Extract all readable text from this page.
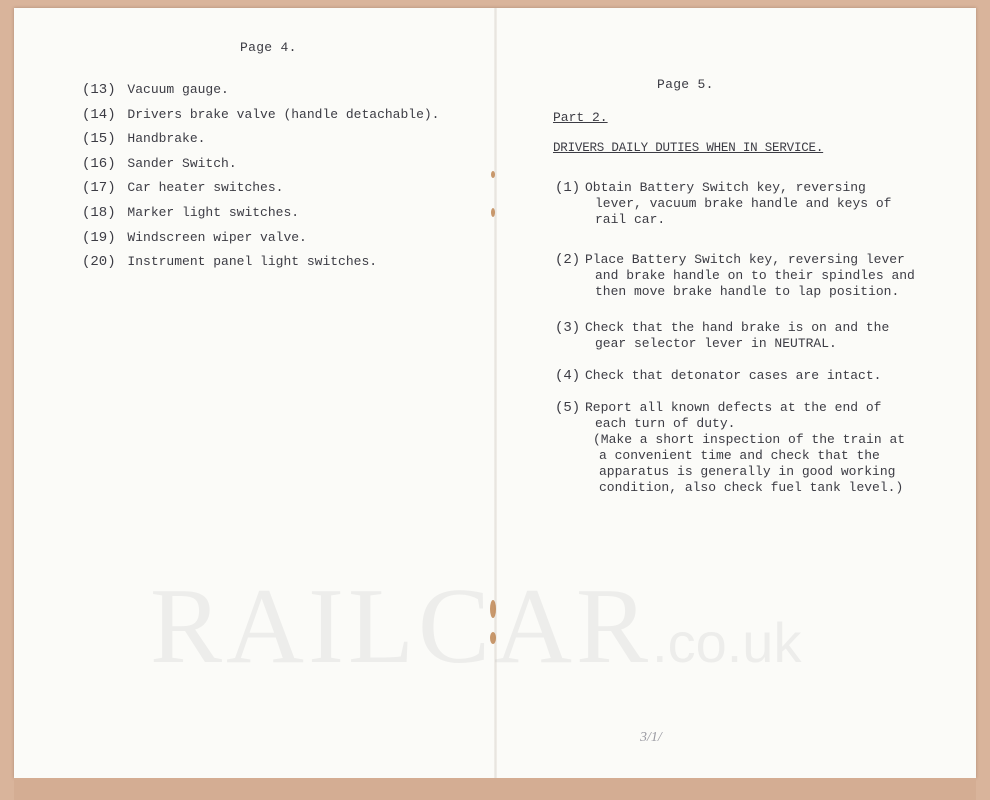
Page 4.
(13) Vacuum gauge.
(14) Drivers brake valve (handle detachable).
(15) Handbrake.
(16) Sander Switch.
(17) Car heater switches.
(18) Marker light switches.
(19) Windscreen wiper valve.
(20) Instrument panel light switches.
Page 5.
Part 2.
DRIVERS DAILY DUTIES WHEN IN SERVICE.
(1) Obtain Battery Switch key, reversing lever, vacuum brake handle and keys of rail car.
(2) Place Battery Switch key, reversing lever and brake handle on to their spindles and then move brake handle to lap position.
(3) Check that the hand brake is on and the gear selector lever in NEUTRAL.
(4) Check that detonator cases are intact.
(5) Report all known defects at the end of each turn of duty.
(Make a short inspection of the train at a convenient time and check that the apparatus is generally in good working condition, also check fuel tank level.)
RAILCAR.co.uk
3/1/
